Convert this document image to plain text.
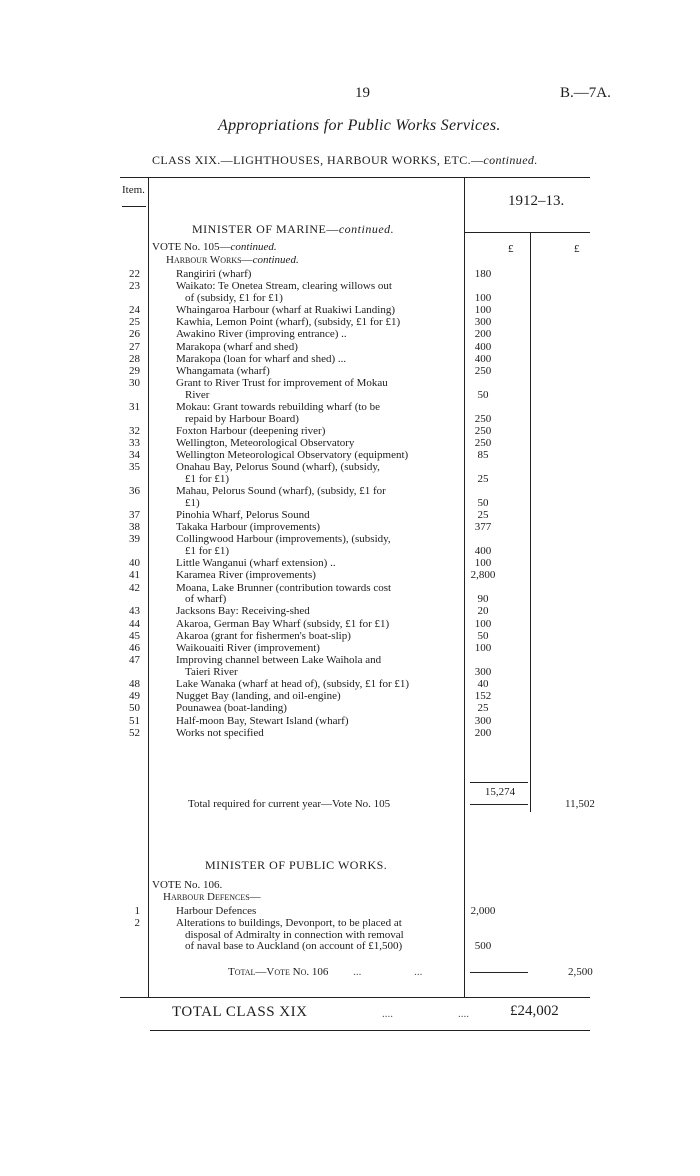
19	B.—7A.
Appropriations for Public Works Services.
CLASS XIX.—LIGHTHOUSES, HARBOUR WORKS, ETC.—continued.
Item.
1912–13.
MINISTER OF MARINE—continued.
VOTE No. 105—continued.	£	£
Harbour Works—continued.
22	Rangiriri (wharf)	180
23	Waikato: Te Onetea Stream, clearing willows out
of (subsidy, £1 for £1)	100
24	Whaingaroa Harbour (wharf at Ruakiwi Landing)	100
25	Kawhia, Lemon Point (wharf), (subsidy, £1 for £1)	300
26	Awakino River (improving entrance) ..	200
27	Marakopa (wharf and shed)	400
28	Marakopa (loan for wharf and shed) ...	400
29	Whangamata (wharf)	250
30	Grant to River Trust for improvement of Mokau
River	50
31	Mokau: Grant towards rebuilding wharf (to be
repaid by Harbour Board)	250
32	Foxton Harbour (deepening river)	250
33	Wellington, Meteorological Observatory	250
34	Wellington Meteorological Observatory (equipment)	85
35	Onahau Bay, Pelorus Sound (wharf), (subsidy,
£1 for £1)	25
36	Mahau, Pelorus Sound (wharf), (subsidy, £1 for
£1)	50
37	Pinohia Wharf, Pelorus Sound	25
38	Takaka Harbour (improvements)	377
39	Collingwood Harbour (improvements), (subsidy,
£1 for £1)	400
40	Little Wanganui (wharf extension) ..	100
41	Karamea River (improvements)	2,800
42	Moana, Lake Brunner (contribution towards cost
of wharf)	90
43	Jacksons Bay: Receiving-shed	20
44	Akaroa, German Bay Wharf (subsidy, £1 for £1)	100
45	Akaroa (grant for fishermen's boat-slip)	50
46	Waikouaiti River (improvement)	100
47	Improving channel between Lake Waihola and
Taieri River	300
48	Lake Wanaka (wharf at head of), (subsidy, £1 for £1)	40
49	Nugget Bay (landing, and oil-engine)	152
50	Pounawea (boat-landing)	25
51	Half-moon Bay, Stewart Island (wharf)	300
52	Works not specified	200
15,274
Total required for current year—Vote No. 105	11,502
MINISTER OF PUBLIC WORKS.
VOTE No. 106.
Harbour Defences—
1	Harbour Defences	2,000
2	Alterations to buildings, Devonport, to be placed at
disposal of Admiralty in connection with removal
of naval base to Auckland (on account of £1,500)	500
Total—Vote No. 106 ...	...	2,500
TOTAL CLASS XIX	....	....	£24,002
